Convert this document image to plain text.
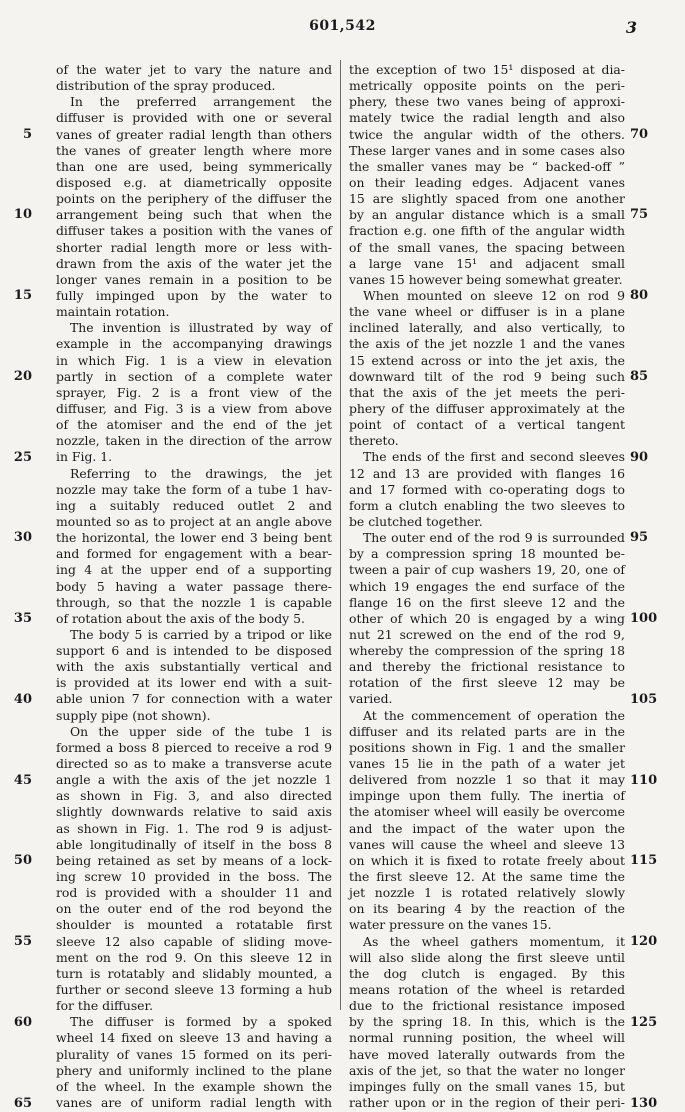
601,542	3
of the water jet to vary the nature and
distribution of the spray produced.
In the preferred arrangement the
diffuser is provided with one or several
vanes of greater radial length than others
the vanes of greater length where more
than one are used, being symmerically
disposed e.g. at diametrically opposite
points on the periphery of the diffuser the
arrangement being such that when the
diffuser takes a position with the vanes of
shorter radial length more or less with-
drawn from the axis of the water jet the
longer vanes remain in a position to be
fully impinged upon by the water to
maintain rotation.
The invention is illustrated by way of
example in the accompanying drawings
in which Fig. 1 is a view in elevation
partly in section of a complete water
sprayer, Fig. 2 is a front view of the
diffuser, and Fig. 3 is a view from above
of the atomiser and the end of the jet
nozzle, taken in the direction of the arrow
in Fig. 1.
Referring to the drawings, the jet
nozzle may take the form of a tube 1 hav-
ing a suitably reduced outlet 2 and
mounted so as to project at an angle above
the horizontal, the lower end 3 being bent
and formed for engagement with a bear-
ing 4 at the upper end of a supporting
body 5 having a water passage there-
through, so that the nozzle 1 is capable
of rotation about the axis of the body 5.
The body 5 is carried by a tripod or like
support 6 and is intended to be disposed
with the axis substantially vertical and
is provided at its lower end with a suit-
able union 7 for connection with a water
supply pipe (not shown).
On the upper side of the tube 1 is
formed a boss 8 pierced to receive a rod 9
directed so as to make a transverse acute
angle a with the axis of the jet nozzle 1
as shown in Fig. 3, and also directed
slightly downwards relative to said axis
as shown in Fig. 1. The rod 9 is adjust-
able longitudinally of itself in the boss 8
being retained as set by means of a lock-
ing screw 10 provided in the boss. The
rod is provided with a shoulder 11 and
on the outer end of the rod beyond the
shoulder is mounted a rotatable first
sleeve 12 also capable of sliding move-
ment on the rod 9. On this sleeve 12 in
turn is rotatably and slidably mounted, a
further or second sleeve 13 forming a hub
for the diffuser.
The diffuser is formed by a spoked
wheel 14 fixed on sleeve 13 and having a
plurality of vanes 15 formed on its peri-
phery and uniformly inclined to the plane
of the wheel. In the example shown the
vanes are of uniform radial length with
the exception of two 15¹ disposed at dia-
metrically opposite points on the peri-
phery, these two vanes being of approxi-
mately twice the radial length and also
twice the angular width of the others.
These larger vanes and in some cases also
the smaller vanes may be “ backed-off ”
on their leading edges. Adjacent vanes
15 are slightly spaced from one another
by an angular distance which is a small
fraction e.g. one fifth of the angular width
of the small vanes, the spacing between
a large vane 15¹ and adjacent small
vanes 15 however being somewhat greater.
When mounted on sleeve 12 on rod 9
the vane wheel or diffuser is in a plane
inclined laterally, and also vertically, to
the axis of the jet nozzle 1 and the vanes
15 extend across or into the jet axis, the
downward tilt of the rod 9 being such
that the axis of the jet meets the peri-
phery of the diffuser approximately at the
point of contact of a vertical tangent
thereto.
The ends of the first and second sleeves
12 and 13 are provided with flanges 16
and 17 formed with co-operating dogs to
form a clutch enabling the two sleeves to
be clutched together.
The outer end of the rod 9 is surrounded
by a compression spring 18 mounted be-
tween a pair of cup washers 19, 20, one of
which 19 engages the end surface of the
flange 16 on the first sleeve 12 and the
other of which 20 is engaged by a wing
nut 21 screwed on the end of the rod 9,
whereby the compression of the spring 18
and thereby the frictional resistance to
rotation of the first sleeve 12 may be
varied.
At the commencement of operation the
diffuser and its related parts are in the
positions shown in Fig. 1 and the smaller
vanes 15 lie in the path of a water jet
delivered from nozzle 1 so that it may
impinge upon them fully. The inertia of
the atomiser wheel will easily be overcome
and the impact of the water upon the
vanes will cause the wheel and sleeve 13
on which it is fixed to rotate freely about
the first sleeve 12. At the same time the
jet nozzle 1 is rotated relatively slowly
on its bearing 4 by the reaction of the
water pressure on the vanes 15.
As the wheel gathers momentum, it
will also slide along the first sleeve until
the dog clutch is engaged. By this
means rotation of the wheel is retarded
due to the frictional resistance imposed
by the spring 18. In this, which is the
normal running position, the wheel will
have moved laterally outwards from the
axis of the jet, so that the water no longer
impinges fully on the small vanes 15, but
rather upon or in the region of their peri-
5
10
15
20
25
30
35
40
45
50
55
60
65
70
75
80
85
90
95
100
105
110
115
120
125
130
